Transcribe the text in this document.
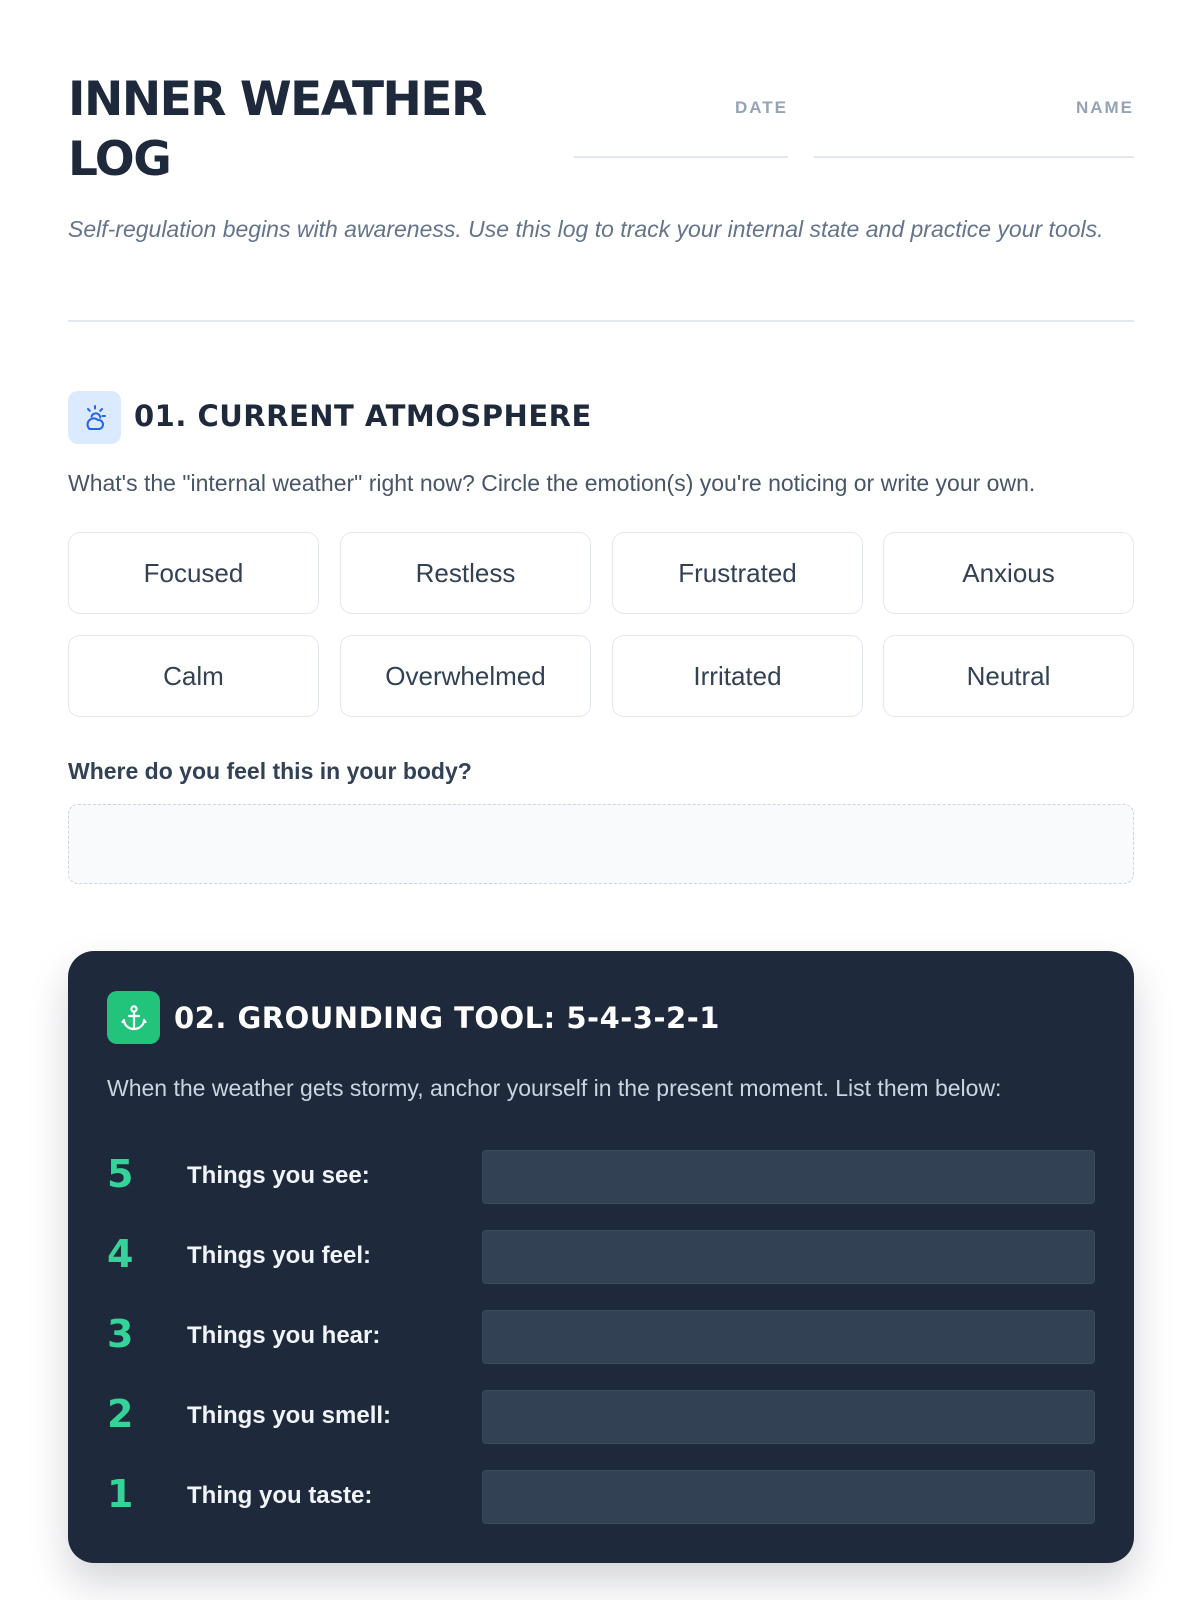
INNER WEATHER LOG
DATE	NAME

Self-regulation begins with awareness. Use this log to track your internal state and practice your tools.

01. CURRENT ATMOSPHERE

What's the "internal weather" right now? Circle the emotion(s) you're noticing or write your own.

Focused	Restless	Frustrated	Anxious
Calm	Overwhelmed	Irritated	Neutral
Where do you feel this in your body?
02. GROUNDING TOOL: 5-4-3-2-1

When the weather gets stormy, anchor yourself in the present moment. List them below:

5 Things you see:
4 Things you feel:
3 Things you hear:
2 Things you smell:
1 Thing you taste:
